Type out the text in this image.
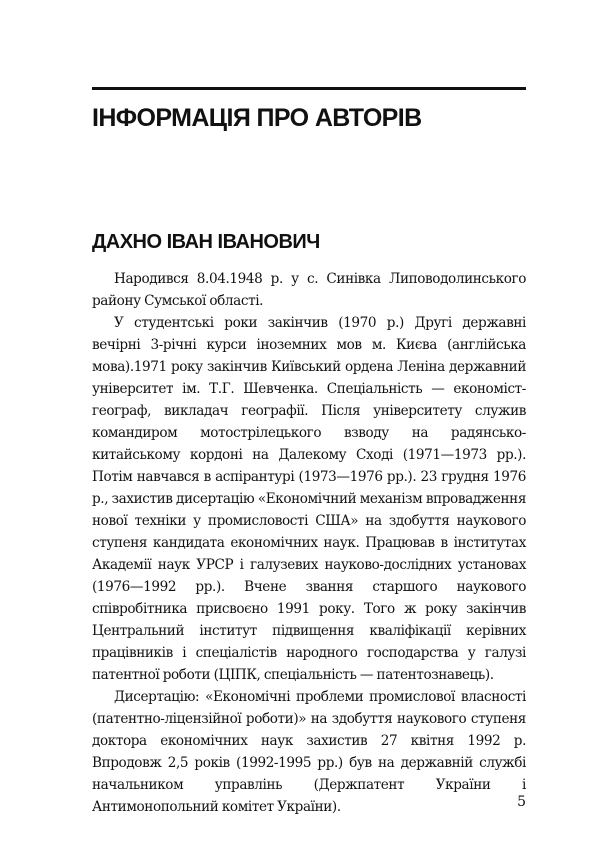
ІНФОРМАЦІЯ ПРО АВТОРІВ
ДАХНО ІВАН ІВАНОВИЧ

Народився 8.04.1948 р. у с. Синівка Липоводолинського району Сумської області.

У студентські роки закінчив (1970 р.) Другі державні вечірні 3-річні курси іноземних мов м. Києва (англійська мова).1971 року закінчив Київський ордена Леніна державний університет ім. Т.Г. Шевченка. Спеціальність — економіст-географ, викладач географії. Після університету служив командиром мотострілецького взводу на радянсько-китайському кордоні на Далекому Сході (1971—1973 рр.). Потім навчався в аспірантурі (1973—1976 рр.). 23 грудня 1976 р., захистив дисертацію «Економічний механізм впровадження нової техніки у промисловості США» на здобуття наукового ступеня кандидата економічних наук. Працював в інститутах Академії наук УРСР і галузевих науково-дослідних установах (1976—1992 рр.). Вчене звання старшого наукового співробітника присвоєно 1991 року. Того ж року закінчив Центральний інститут підвищення кваліфікації керівних працівників і спеціалістів народного господарства у галузі патентної роботи (ЦІПК, спеціальність — патентознавець).

Дисертацію: «Економічні проблеми промислової власності (патентно-ліцензійної роботи)» на здобуття наукового ступеня доктора економічних наук захистив 27 квітня 1992 р. Впродовж 2,5 років (1992-1995 рр.) був на державній службі начальником управлінь (Держпатент України і Антимонопольний комітет України).	5
